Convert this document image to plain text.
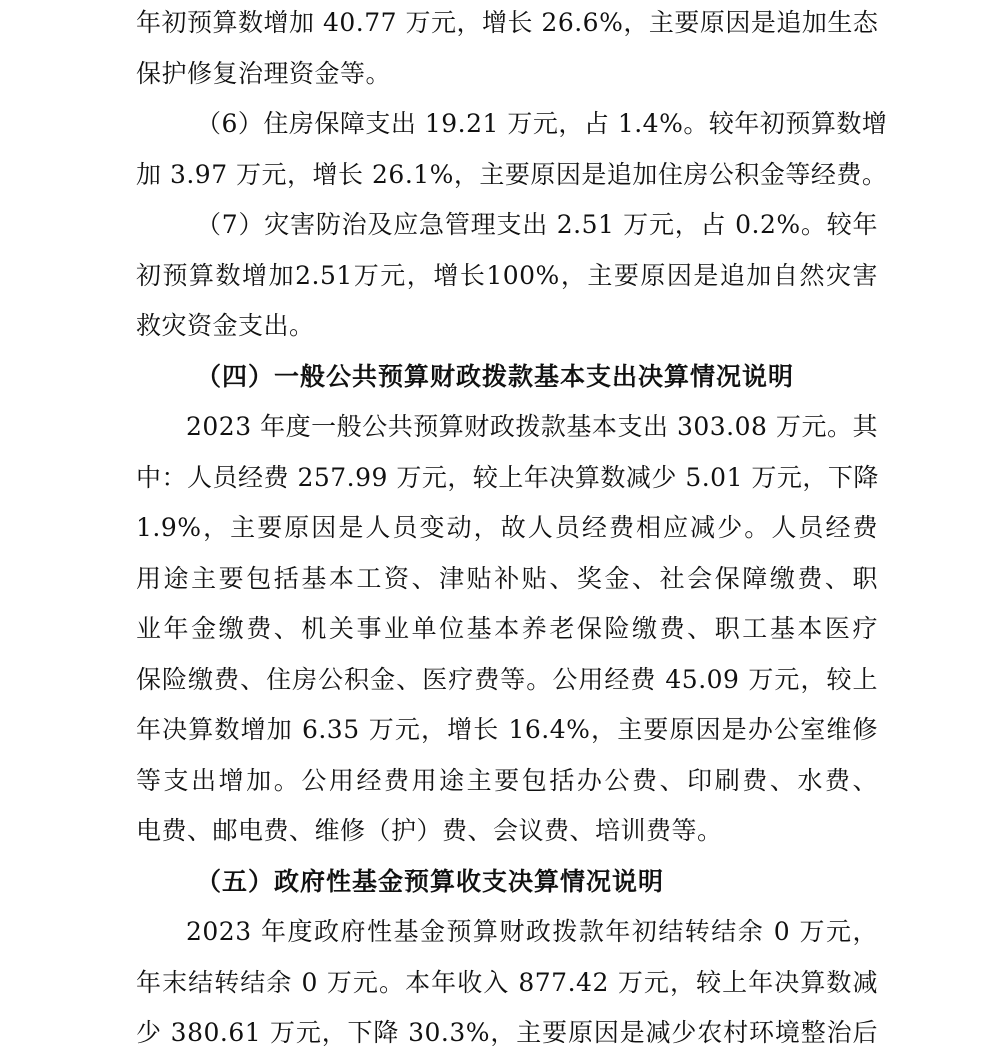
年初预算数增加 40.77 万元，增长 26.6%，主要原因是追加生态
保护修复治理资金等。
（6）住房保障支出 19.21 万元，占 1.4%。较年初预算数增
加 3.97 万元，增长 26.1%，主要原因是追加住房公积金等经费。
（7）灾害防治及应急管理支出 2.51 万元，占 0.2%。较年
初预算数增加2.51万元，增长100%，主要原因是追加自然灾害
救灾资金支出。
（四）一般公共预算财政拨款基本支出决算情况说明
2023 年度一般公共预算财政拨款基本支出 303.08 万元。其
中：人员经费 257.99 万元，较上年决算数减少 5.01 万元，下降
1.9%，主要原因是人员变动，故人员经费相应减少。人员经费
用途主要包括基本工资、津贴补贴、奖金、社会保障缴费、职
业年金缴费、机关事业单位基本养老保险缴费、职工基本医疗
保险缴费、住房公积金、医疗费等。公用经费 45.09 万元，较上
年决算数增加 6.35 万元，增长 16.4%，主要原因是办公室维修
等支出增加。公用经费用途主要包括办公费、印刷费、水费、
电费、邮电费、维修（护）费、会议费、培训费等。
（五）政府性基金预算收支决算情况说明
2023 年度政府性基金预算财政拨款年初结转结余 0 万元，
年末结转结余 0 万元。本年收入 877.42 万元，较上年决算数减
少 380.61 万元，下降 30.3%，主要原因是减少农村环境整治后
